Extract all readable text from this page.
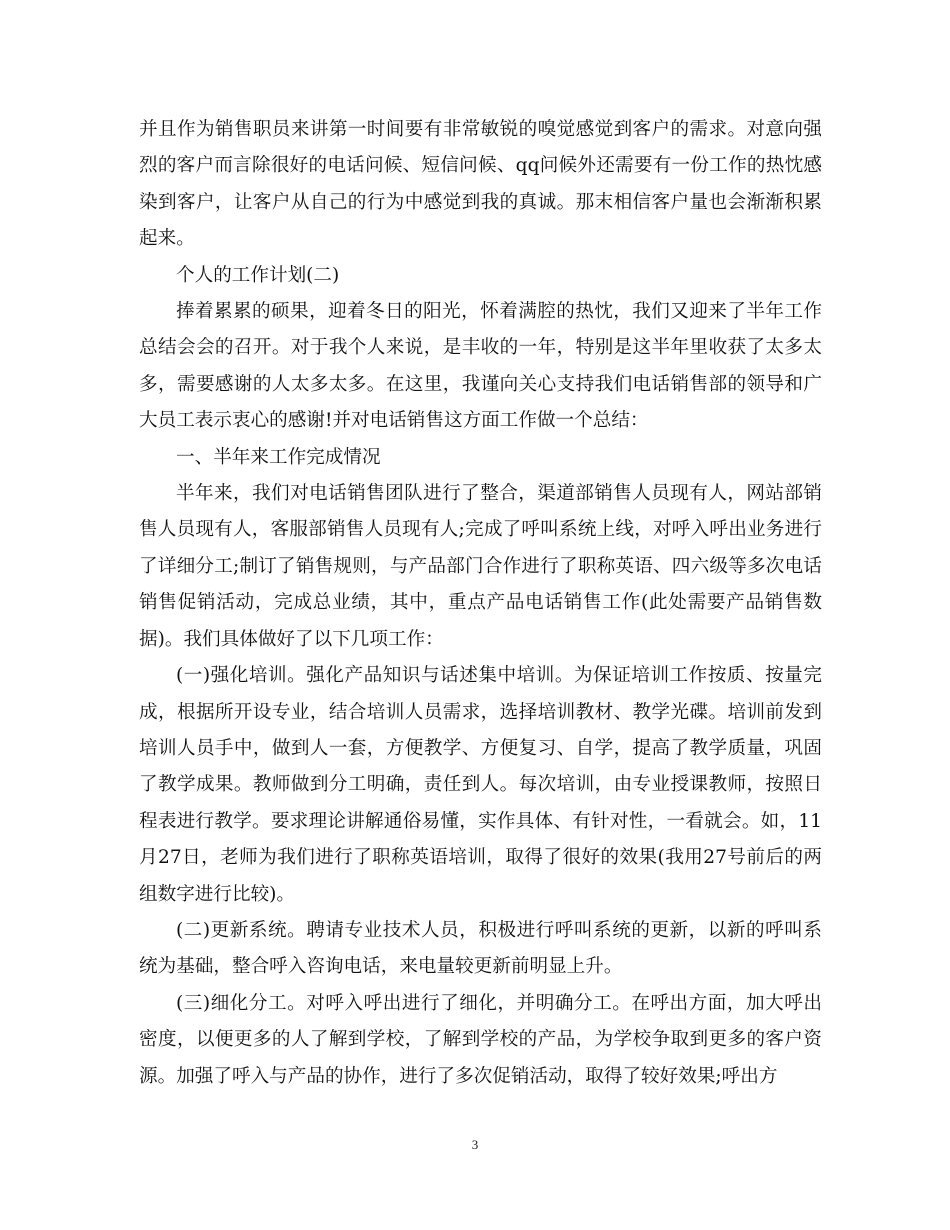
并且作为销售职员来讲第一时间要有非常敏锐的嗅觉感觉到客户的需求。对意向强烈的客户而言除很好的电话问候、短信问候、qq问候外还需要有一份工作的热忱感染到客户，让客户从自己的行为中感觉到我的真诚。那末相信客户量也会渐渐积累起来。

个人的工作计划(二)

捧着累累的硕果，迎着冬日的阳光，怀着满腔的热忱，我们又迎来了半年工作总结会会的召开。对于我个人来说，是丰收的一年，特别是这半年里收获了太多太多，需要感谢的人太多太多。在这里，我谨向关心支持我们电话销售部的领导和广大员工表示衷心的感谢!并对电话销售这方面工作做一个总结：

一、半年来工作完成情况

半年来，我们对电话销售团队进行了整合，渠道部销售人员现有人，网站部销售人员现有人，客服部销售人员现有人;完成了呼叫系统上线，对呼入呼出业务进行了详细分工;制订了销售规则，与产品部门合作进行了职称英语、四六级等多次电话销售促销活动，完成总业绩，其中，重点产品电话销售工作(此处需要产品销售数据)。我们具体做好了以下几项工作：

(一)强化培训。强化产品知识与话述集中培训。为保证培训工作按质、按量完成，根据所开设专业，结合培训人员需求，选择培训教材、教学光碟。培训前发到培训人员手中，做到人一套，方便教学、方便复习、自学，提高了教学质量，巩固了教学成果。教师做到分工明确，责任到人。每次培训，由专业授课教师，按照日程表进行教学。要求理论讲解通俗易懂，实作具体、有针对性，一看就会。如，11月27日，老师为我们进行了职称英语培训，取得了很好的效果(我用27号前后的两组数字进行比较)。

(二)更新系统。聘请专业技术人员，积极进行呼叫系统的更新，以新的呼叫系统为基础，整合呼入咨询电话，来电量较更新前明显上升。

(三)细化分工。对呼入呼出进行了细化，并明确分工。在呼出方面，加大呼出密度，以便更多的人了解到学校，了解到学校的产品，为学校争取到更多的客户资源。加强了呼入与产品的协作，进行了多次促销活动，取得了较好效果;呼出方

3
